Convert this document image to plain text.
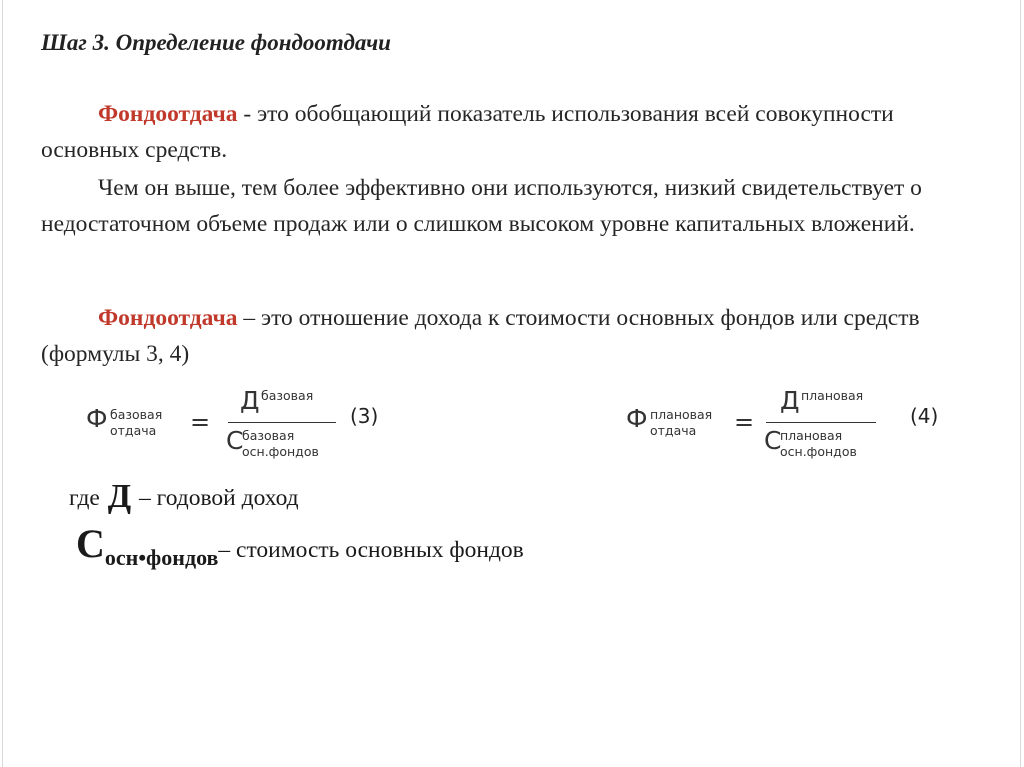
Шаг 3. Определение фондоотдачи

Фондоотдача - это обобщающий показатель использования всей совокупности основных средств.

Чем он выше, тем более эффективно они используются, низкий свидетельствует о недостаточном объеме продаж или о слишком высоком уровне капитальных вложений.

Фондоотдача – это отношение дохода к стоимости основных фондов или средств (формулы 3, 4)

Ф базовая
отдача =
Д базовая
С
базовая
осн.фондов
(3)	Ф плановая
отдача =
Д плановая
С
плановая
осн.фондов
(4)
где Д – годовой доход
Сосн•фондов– стоимость основных фондов
